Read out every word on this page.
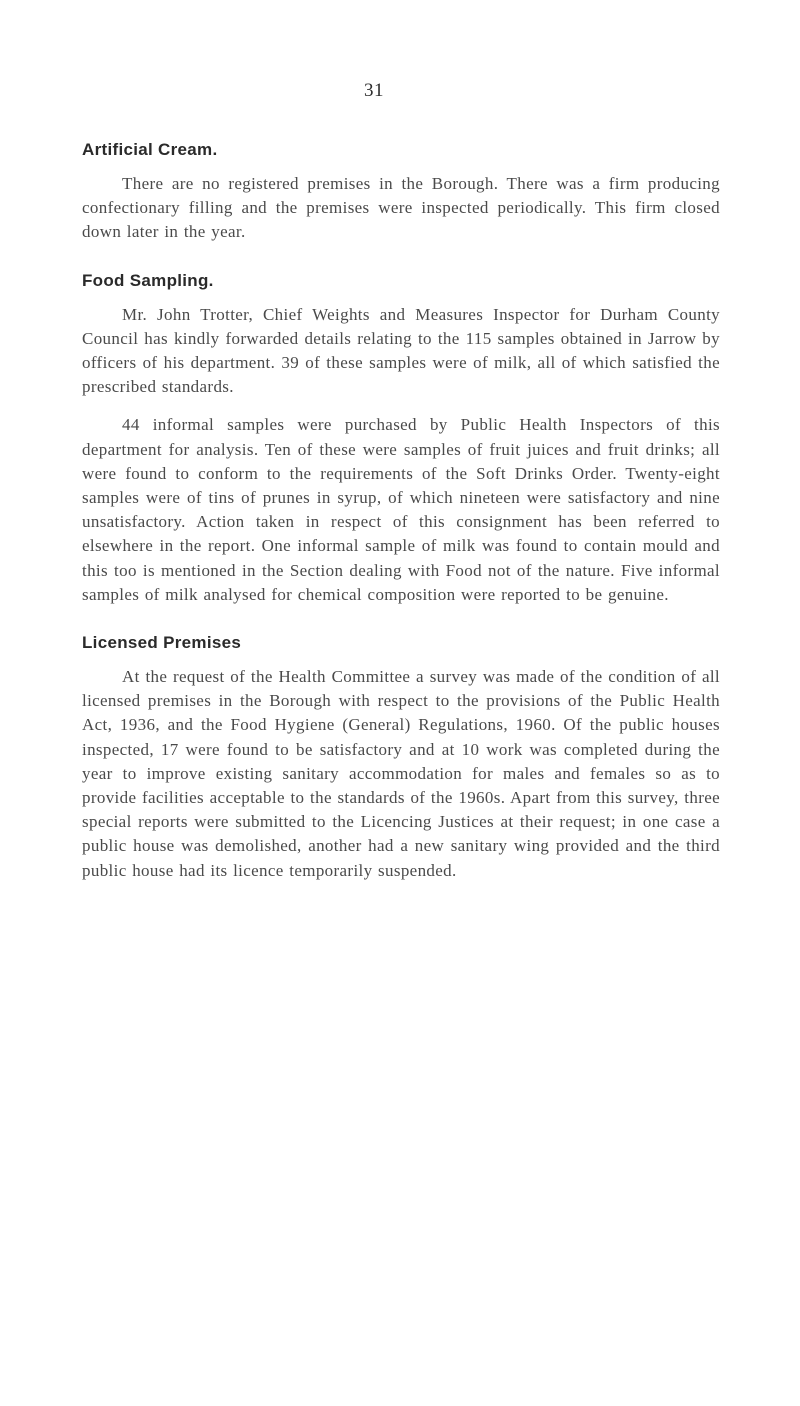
31
Artificial Cream.

There are no registered premises in the Borough. There was a firm producing confectionary filling and the premises were inspected periodically. This firm closed down later in the year.

Food Sampling.

Mr. John Trotter, Chief Weights and Measures Inspector for Durham County Council has kindly forwarded details relating to the 115 samples obtained in Jarrow by officers of his department. 39 of these samples were of milk, all of which satisfied the prescribed standards.

44 informal samples were purchased by Public Health Inspectors of this department for analysis. Ten of these were samples of fruit juices and fruit drinks; all were found to conform to the requirements of the Soft Drinks Order. Twenty-eight samples were of tins of prunes in syrup, of which nineteen were satisfactory and nine unsatisfactory. Action taken in respect of this consignment has been referred to elsewhere in the report. One informal sample of milk was found to contain mould and this too is mentioned in the Section dealing with Food not of the nature. Five informal samples of milk analysed for chemical composition were reported to be genuine.

Licensed Premises

At the request of the Health Committee a survey was made of the condition of all licensed premises in the Borough with respect to the provisions of the Public Health Act, 1936, and the Food Hygiene (General) Regulations, 1960. Of the public houses inspected, 17 were found to be satisfactory and at 10 work was completed during the year to improve existing sanitary accommodation for males and females so as to provide facilities acceptable to the standards of the 1960s. Apart from this survey, three special reports were submitted to the Licencing Justices at their request; in one case a public house was demolished, another had a new sanitary wing provided and the third public house had its licence temporarily suspended.
